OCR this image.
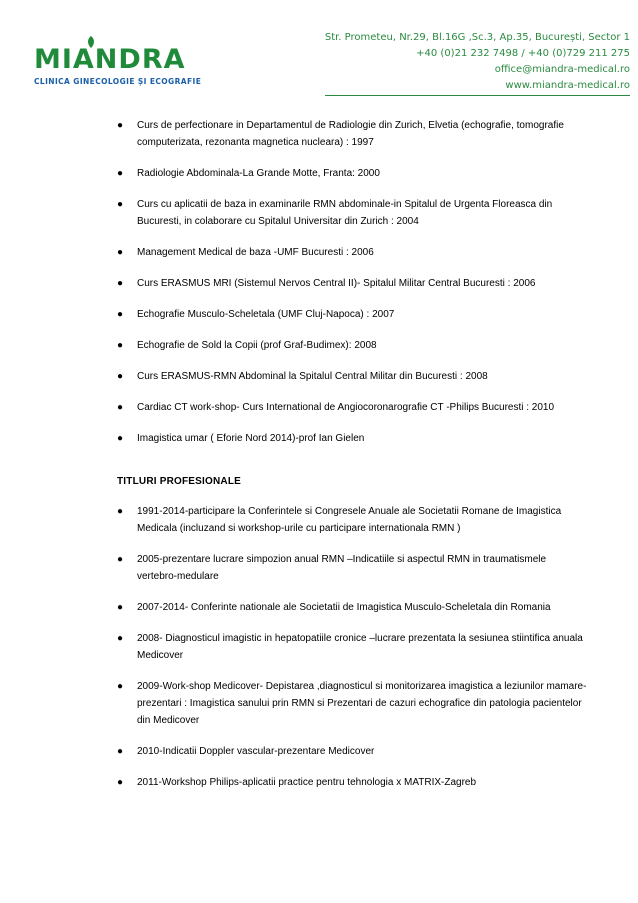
MIANDRA
CLINICA GINECOLOGIE ȘI ECOGRAFIE
Str. Prometeu, Nr.29, Bl.16G ,Sc.3, Ap.35, București, Sector 1
+40 (0)21 232 7498 / +40 (0)729 211 275
office@miandra-medical.ro
www.miandra-medical.ro
● Curs de perfectionare in Departamentul de Radiologie din Zurich, Elvetia (echografie, tomografie computerizata, rezonanta magnetica nucleara) : 1997
● Radiologie Abdominala-La Grande Motte, Franta: 2000
● Curs cu aplicatii de baza in examinarile RMN abdominale-in Spitalul de Urgenta Floreasca din Bucuresti, in colaborare cu Spitalul Universitar din Zurich : 2004
● Management Medical de baza -UMF Bucuresti : 2006
● Curs ERASMUS MRI (Sistemul Nervos Central II)- Spitalul Militar Central Bucuresti : 2006
● Echografie Musculo-Scheletala (UMF Cluj-Napoca) : 2007
● Echografie de Sold la Copii (prof Graf-Budimex): 2008
● Curs ERASMUS-RMN Abdominal la Spitalul Central Militar din Bucuresti : 2008
● Cardiac CT work-shop- Curs International de Angiocoronarografie CT -Philips Bucuresti : 2010
● Imagistica umar ( Eforie Nord 2014)-prof Ian Gielen
TITLURI PROFESIONALE
● 1991-2014-participare la Conferintele si Congresele Anuale ale Societatii Romane de Imagistica Medicala (incluzand si workshop-urile cu participare internationala RMN )
● 2005-prezentare lucrare simpozion anual RMN –Indicatiile si aspectul RMN in traumatismele vertebro-medulare
● 2007-2014- Conferinte nationale ale Societatii de Imagistica Musculo-Scheletala din Romania
● 2008- Diagnosticul imagistic in hepatopatiile cronice –lucrare prezentata la sesiunea stiintifica anuala Medicover
● 2009-Work-shop Medicover- Depistarea ,diagnosticul si monitorizarea imagistica a leziunilor mamare- prezentari : Imagistica sanului prin RMN si Prezentari de cazuri echografice din patologia pacientelor din Medicover
● 2010-Indicatii Doppler vascular-prezentare Medicover
● 2011-Workshop Philips-aplicatii practice pentru tehnologia x MATRIX-Zagreb
